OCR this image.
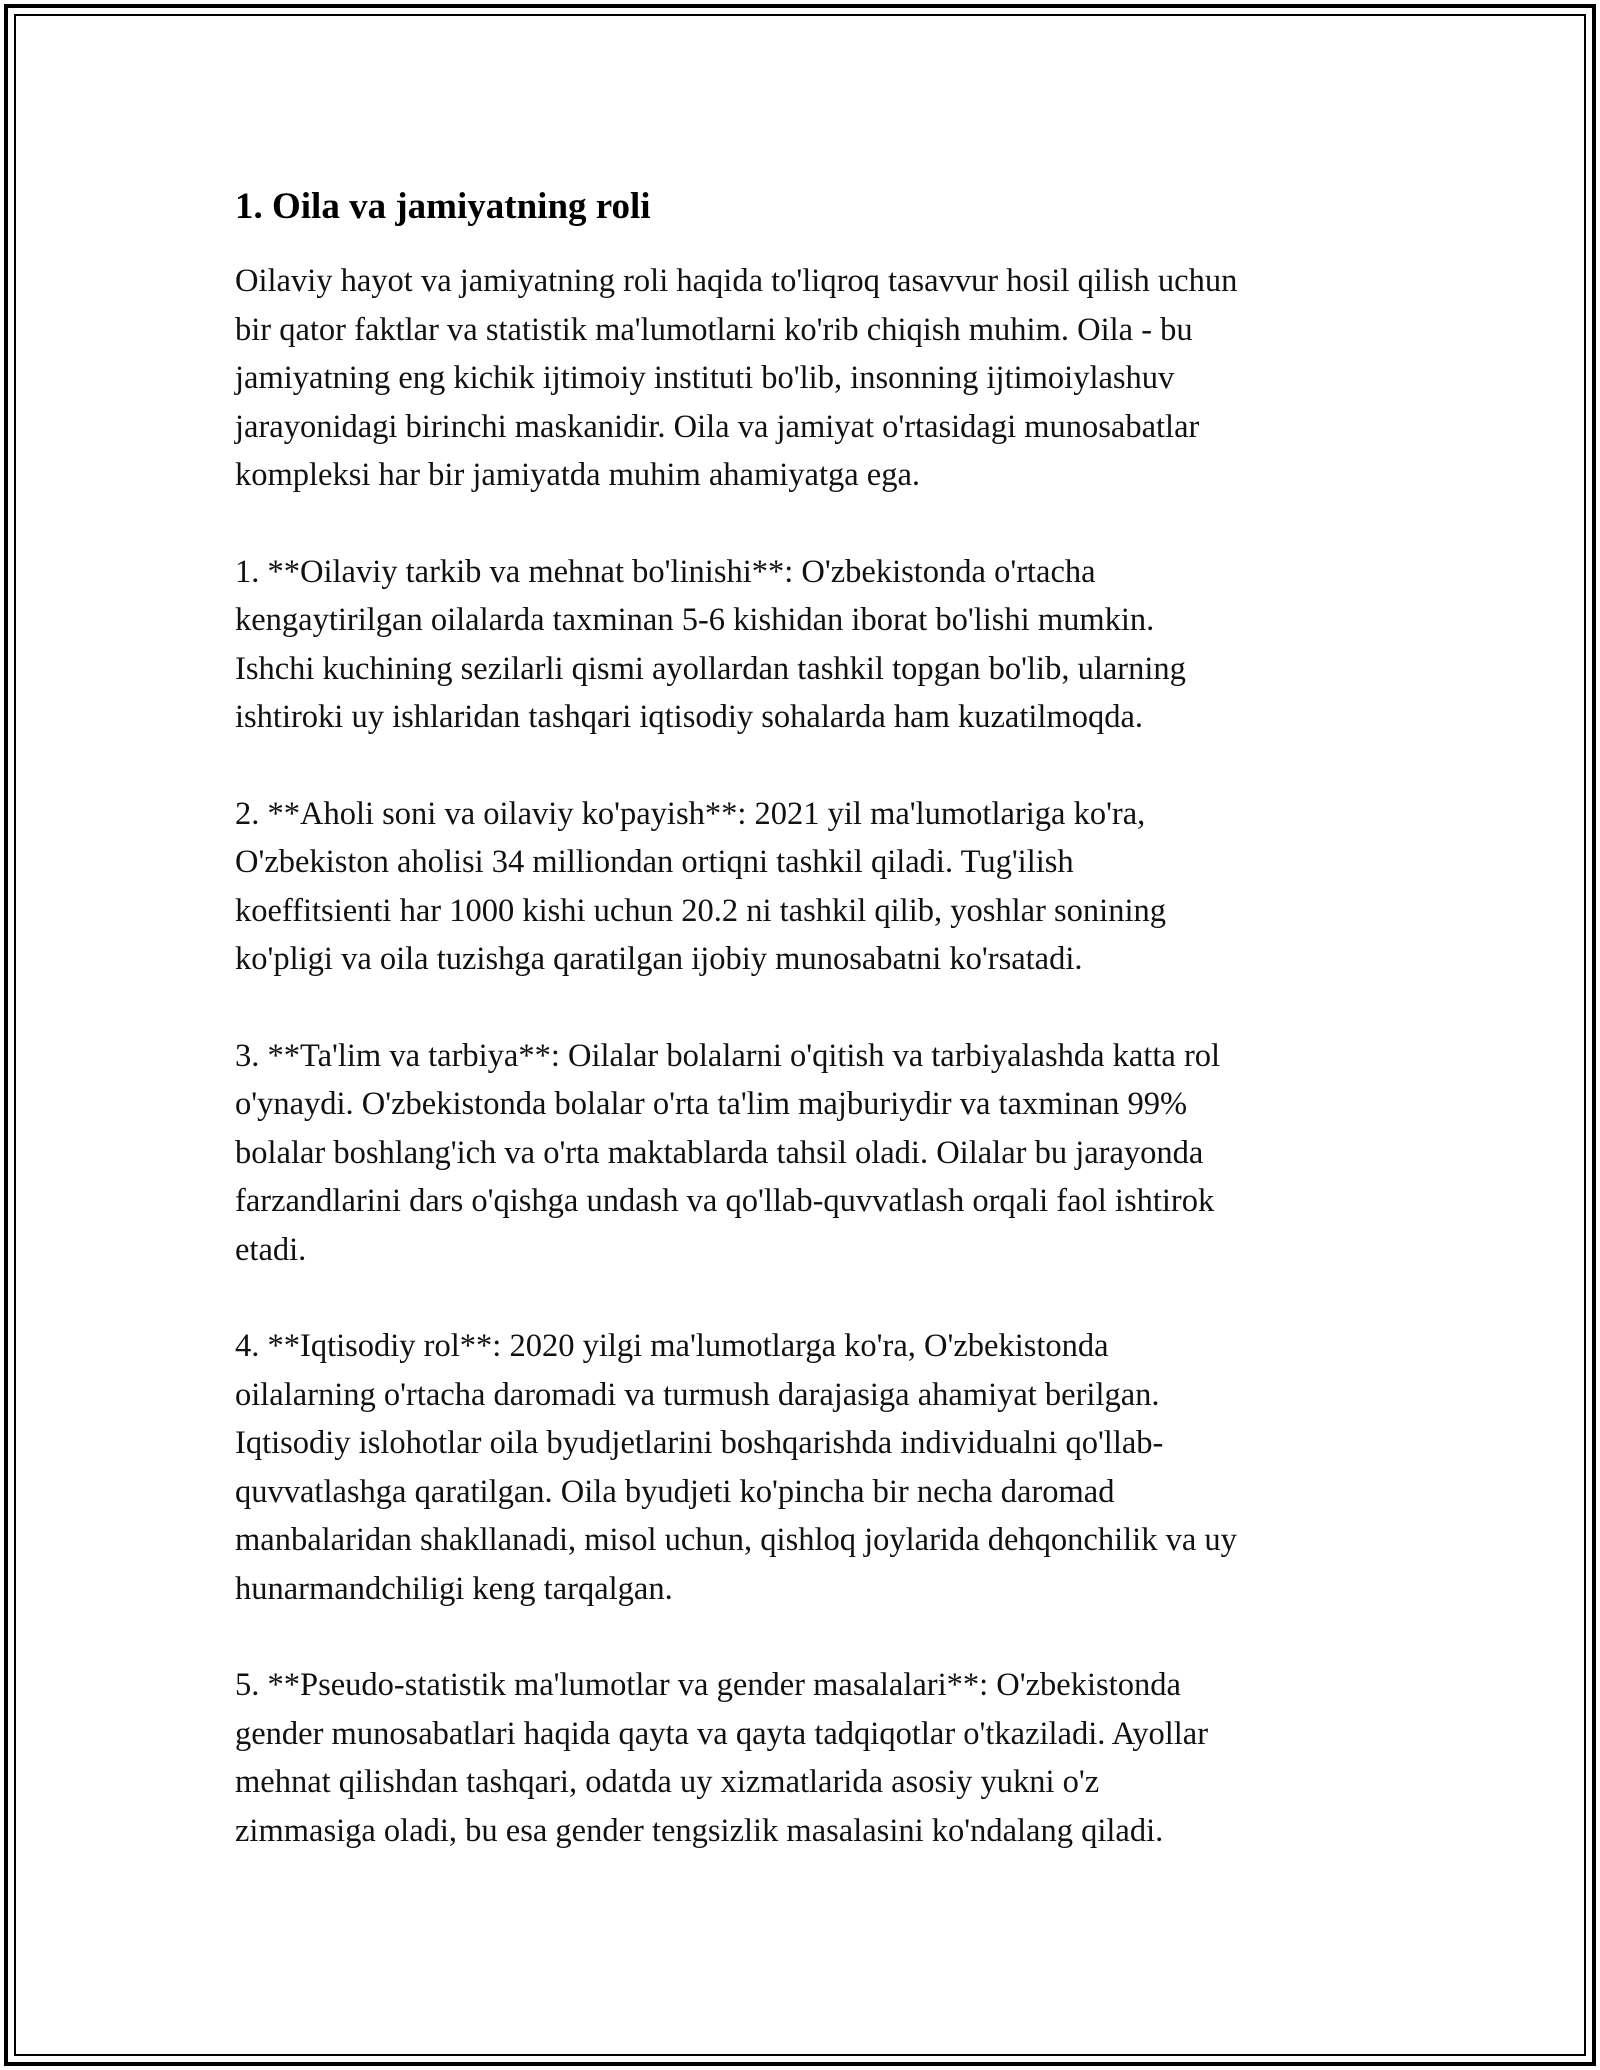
1. Oila va jamiyatning roli

Oilaviy hayot va jamiyatning roli haqida to'liqroq tasavvur hosil qilish uchun
bir qator faktlar va statistik ma'lumotlarni ko'rib chiqish muhim. Oila - bu
jamiyatning eng kichik ijtimoiy instituti bo'lib, insonning ijtimoiylashuv
jarayonidagi birinchi maskanidir. Oila va jamiyat o'rtasidagi munosabatlar
kompleksi har bir jamiyatda muhim ahamiyatga ega.

1. **Oilaviy tarkib va mehnat bo'linishi**: O'zbekistonda o'rtacha
kengaytirilgan oilalarda taxminan 5-6 kishidan iborat bo'lishi mumkin.
Ishchi kuchining sezilarli qismi ayollardan tashkil topgan bo'lib, ularning
ishtiroki uy ishlaridan tashqari iqtisodiy sohalarda ham kuzatilmoqda.

2. **Aholi soni va oilaviy ko'payish**: 2021 yil ma'lumotlariga ko'ra,
O'zbekiston aholisi 34 milliondan ortiqni tashkil qiladi. Tug'ilish
koeffitsienti har 1000 kishi uchun 20.2 ni tashkil qilib, yoshlar sonining
ko'pligi va oila tuzishga qaratilgan ijobiy munosabatni ko'rsatadi.

3. **Ta'lim va tarbiya**: Oilalar bolalarni o'qitish va tarbiyalashda katta rol
o'ynaydi. O'zbekistonda bolalar o'rta ta'lim majburiydir va taxminan 99%
bolalar boshlang'ich va o'rta maktablarda tahsil oladi. Oilalar bu jarayonda
farzandlarini dars o'qishga undash va qo'llab-quvvatlash orqali faol ishtirok
etadi.

4. **Iqtisodiy rol**: 2020 yilgi ma'lumotlarga ko'ra, O'zbekistonda
oilalarning o'rtacha daromadi va turmush darajasiga ahamiyat berilgan.
Iqtisodiy islohotlar oila byudjetlarini boshqarishda individualni qo'llab-
quvvatlashga qaratilgan. Oila byudjeti ko'pincha bir necha daromad
manbalaridan shakllanadi, misol uchun, qishloq joylarida dehqonchilik va uy
hunarmandchiligi keng tarqalgan.

5. **Pseudo-statistik ma'lumotlar va gender masalalari**: O'zbekistonda
gender munosabatlari haqida qayta va qayta tadqiqotlar o'tkaziladi. Ayollar
mehnat qilishdan tashqari, odatda uy xizmatlarida asosiy yukni o'z
zimmasiga oladi, bu esa gender tengsizlik masalasini ko'ndalang qiladi.
